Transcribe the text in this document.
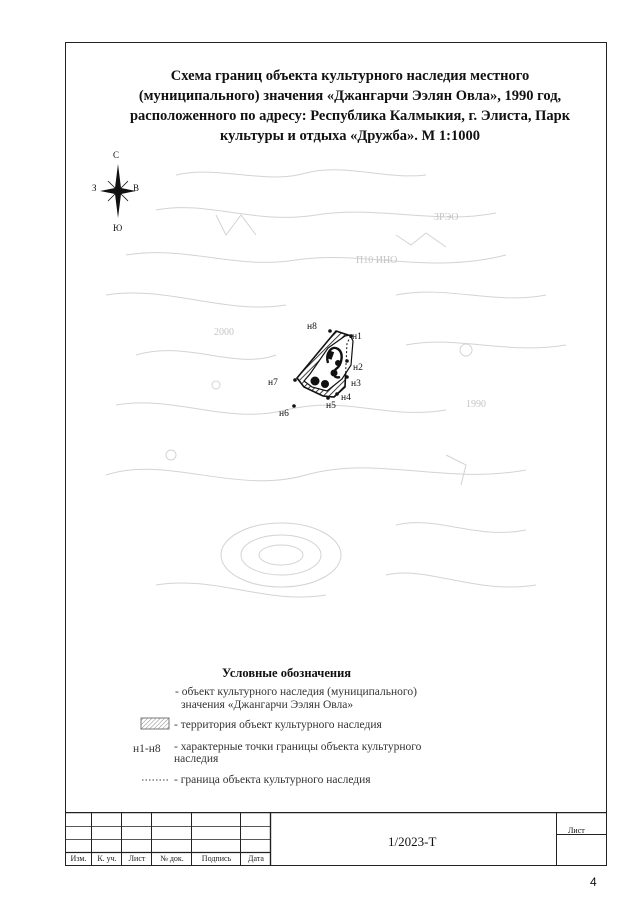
Схема границ объекта культурного наследия местного
(муниципального) значения «Джангарчи Ээлян Овла», 1990 год,
расположенного по адресу: Республика Калмыкия, г. Элиста, Парк
культуры и отдыха «Дружба». М 1:1000
С
Ю
З	В
ЗРЭО
П10 ИНО
2000
1990
н1
н2
н3
н4
н5
н6
н7
н8
Условные обозначения
- объект культурного наследия (муниципального)
значения «Джангарчи Ээлян Овла»
- территория объект культурного наследия
н1-н8 - характерные точки границы объекта культурного
наследия
- граница объекта культурного наследия
Изм.	К. уч.	Лист	№ док.	Подпись	Дата
1/2023-Т
Лист
4
